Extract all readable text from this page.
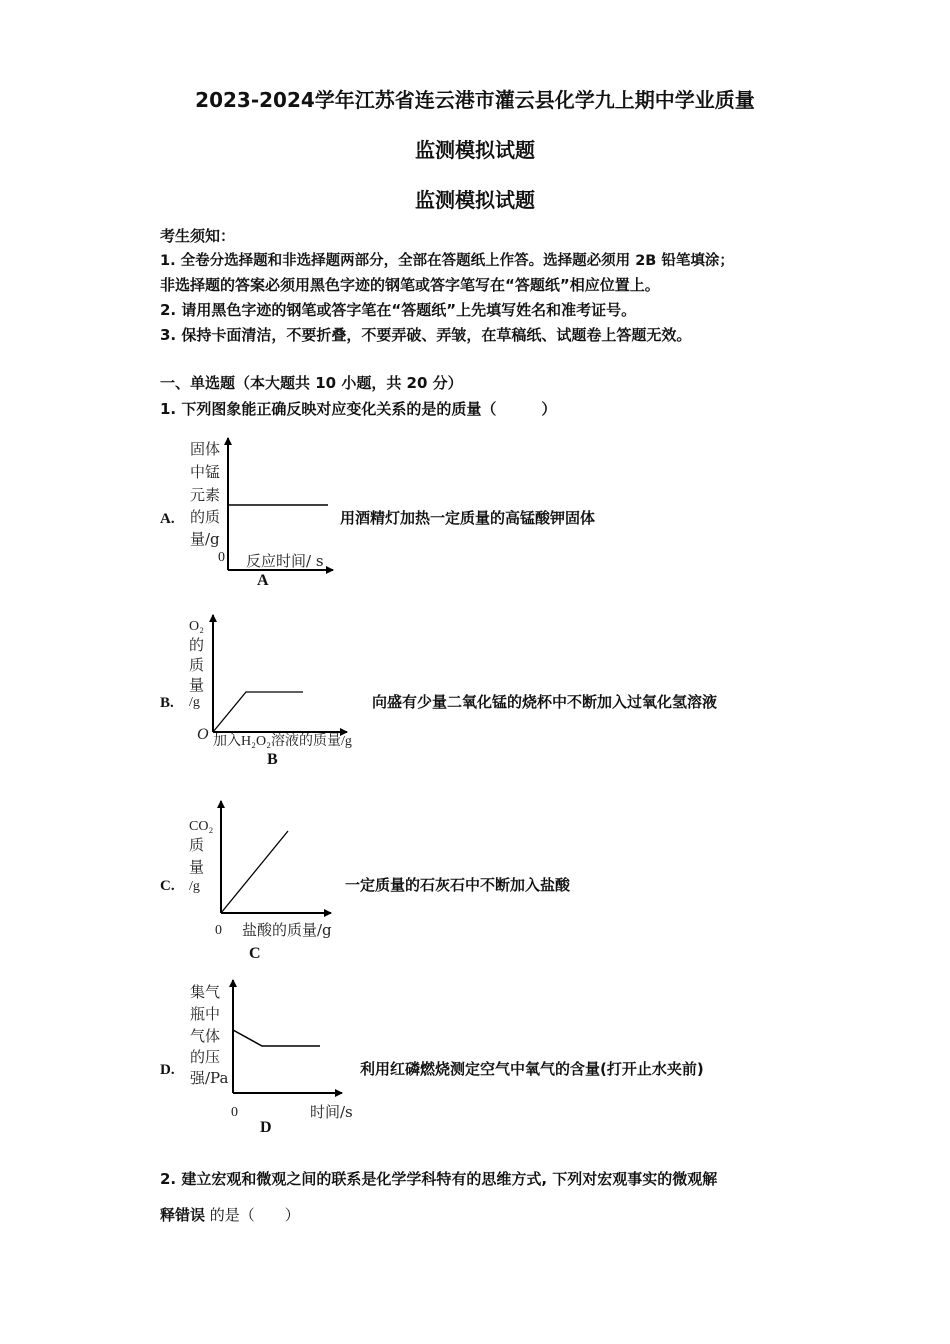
2023-2024学年江苏省连云港市灌云县化学九上期中学业质量
监测模拟试题
监测模拟试题
考生须知：
1. 全卷分选择题和非选择题两部分，全部在答题纸上作答。选择题必须用 2B 铅笔填涂；
非选择题的答案必须用黑色字迹的钢笔或答字笔写在“答题纸”相应位置上。
2. 请用黑色字迹的钢笔或答字笔在“答题纸”上先填写姓名和准考证号。
3. 保持卡面清洁，不要折叠，不要弄破、弄皱，在草稿纸、试题卷上答题无效。
一、单选题（本大题共 10 小题，共 20 分）
1. 下列图象能正确反映对应变化关系的是的质量（　　　）
A.
固体
中锰
元素
的质
量/g
0 反应时间/ s
A
用酒精灯加热一定质量的高锰酸钾固体
B.
O₂
的
质
量
/g
O 加入H₂O₂溶液的质量/g
B
向盛有少量二氧化锰的烧杯中不断加入过氧化氢溶液
C.
CO₂
质
量
/g
0 盐酸的质量/g
C
一定质量的石灰石中不断加入盐酸
D.
集气
瓶中
气体
的压
强/Pa
0	时间/s
D
利用红磷燃烧测定空气中氧气的含量(打开止水夹前)
2. 建立宏观和微观之间的联系是化学学科特有的思维方式, 下列对宏观事实的微观解
释错误 的是（　　）
